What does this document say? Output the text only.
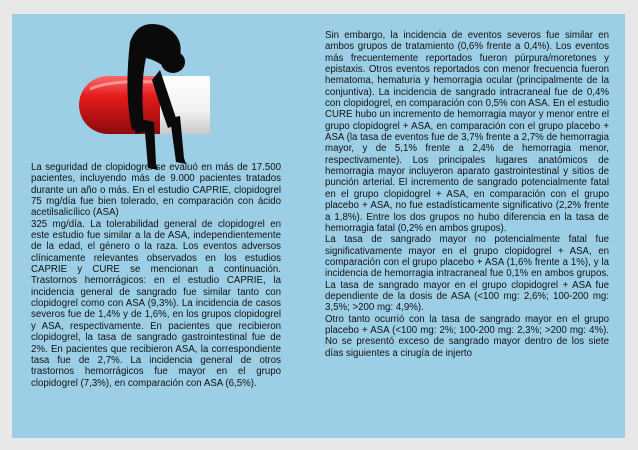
La seguridad de clopidogrel se evaluó en más de 17.500 pacientes, incluyendo más de 9.000 pacientes tratados durante un año o más. En el estudio CAPRIE, clopidogrel 75 mg/día fue bien tolerado, en comparación con ácido acetilsalicílico (ASA)

325 mg/día. La tolerabilidad general de clopidogrel en este estudio fue similar a la de ASA, independientemente de la edad, el género o la raza. Los eventos adversos clínicamente relevantes observados en los estudios CAPRIE y CURE se mencionan a continuación. Trastornos hemorrágicos: en el estudio CAPRIE, la incidencia general de sangrado fue similar tanto con clopidogrel como con ASA (9,3%). La incidencia de casos severos fue de 1,4% y de 1,6%, en los grupos clopidogrel y ASA, respectivamente. En pacientes que recibieron clopidogrel, la tasa de sangrado gastrointestinal fue de 2%. En pacientes que recibieron ASA, la correspondiente tasa fue de 2,7%. La incidencia general de otros trastornos hemorrágicos fue mayor en el grupo clopidogrel (7,3%), en comparación con ASA (6,5%).

Sin embargo, la incidencia de eventos severos fue similar en ambos grupos de tratamiento (0,6% frente a 0,4%). Los eventos más frecuentemente reportados fueron púrpura/moretones y epistaxis. Otros eventos reportados con menor frecuencia fueron hematoma, hematuria y hemorragia ocular (principalmente de la conjuntiva). La incidencia de sangrado intracraneal fue de 0,4% con clopidogrel, en comparación con 0,5% con ASA. En el estudio CURE hubo un incremento de hemorragia mayor y menor entre el grupo clopidogrel + ASA, en comparación con el grupo placebo + ASA (la tasa de eventos fue de 3,7% frente a 2,7% de hemorragia mayor, y de 5,1% frente a 2,4% de hemorragia menor, respectivamente). Los principales lugares anatómicos de hemorragia mayor incluyeron aparato gastrointestinal y sitios de punción arterial. El incremento de sangrado potencialmente fatal en el grupo clopidogrel + ASA, en comparación con el grupo placebo + ASA, no fue estadísticamente significativo (2,2% frente a 1,8%). Entre los dos grupos no hubo diferencia en la tasa de hemorragia fatal (0,2% en ambos grupos).

La tasa de sangrado mayor no potencialmente fatal fue significativamente mayor en el grupo clopidogrel + ASA, en comparación con el grupo placebo + ASA (1,6% frente a 1%), y la incidencia de hemorragia intracraneal fue 0,1% en ambos grupos. La tasa de sangrado mayor en el grupo clopidogrel + ASA fue dependiente de la dosis de ASA (<100 mg: 2,6%; 100-200 mg: 3,5%; >200 mg: 4,9%).

Otro tanto ocurrió con la tasa de sangrado mayor en el grupo placebo + ASA (<100 mg: 2%; 100-200 mg: 2,3%; >200 mg: 4%). No se presentó exceso de sangrado mayor dentro de los siete días siguientes a cirugía de injerto
